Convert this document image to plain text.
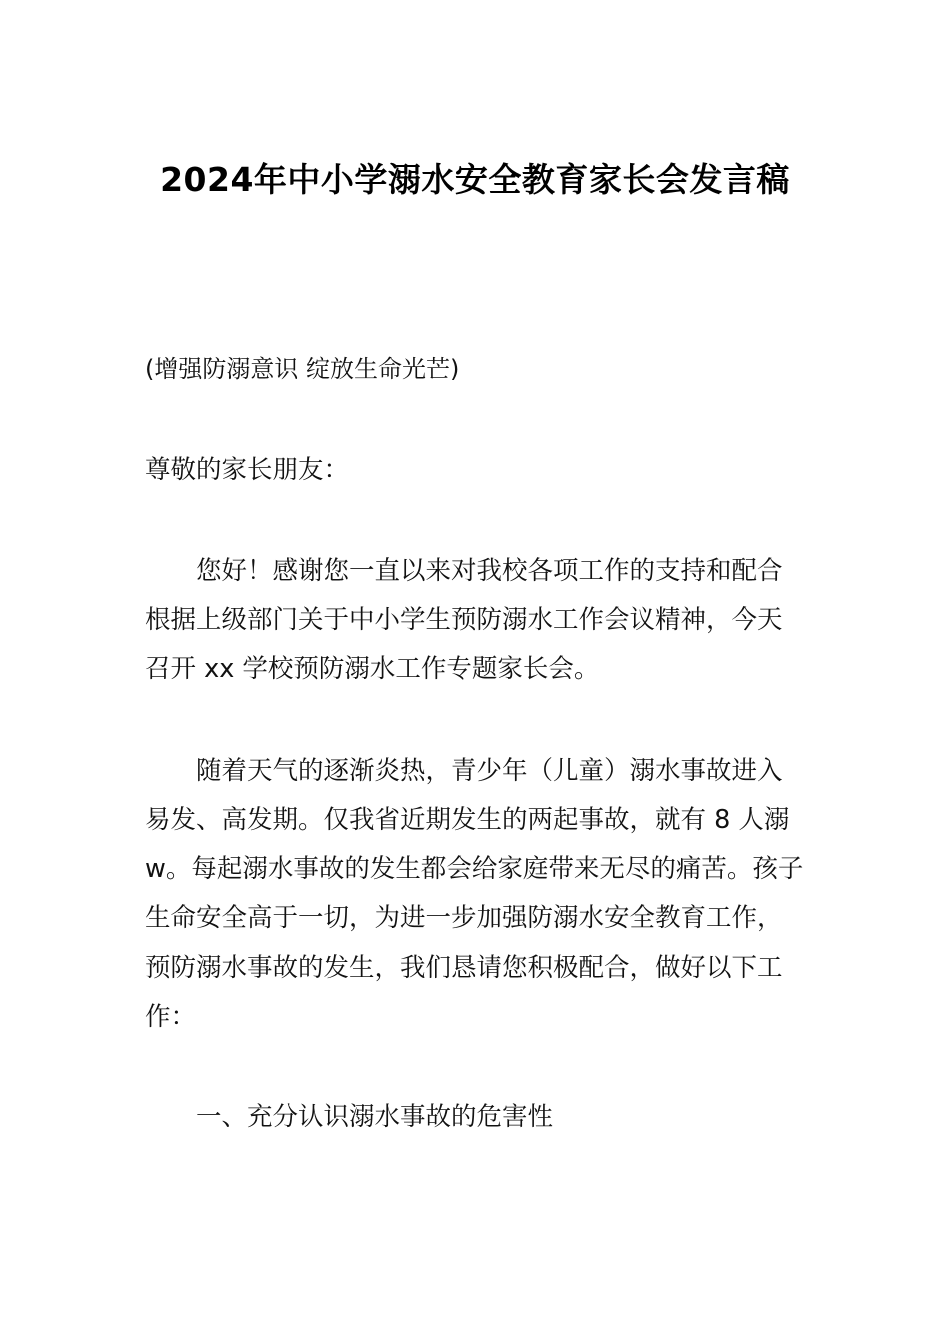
2024年中小学溺水安全教育家长会发言稿
(增强防溺意识 绽放生命光芒)
尊敬的家长朋友：
您好！感谢您一直以来对我校各项工作的支持和配合
根据上级部门关于中小学生预防溺水工作会议精神，今天
召开 xx 学校预防溺水工作专题家长会。
随着天气的逐渐炎热，青少年（儿童）溺水事故进入
易发、高发期。仅我省近期发生的两起事故，就有 8 人溺
w。每起溺水事故的发生都会给家庭带来无尽的痛苦。孩子
生命安全高于一切，为进一步加强防溺水安全教育工作，
预防溺水事故的发生，我们恳请您积极配合，做好以下工
作：
一、充分认识溺水事故的危害性
